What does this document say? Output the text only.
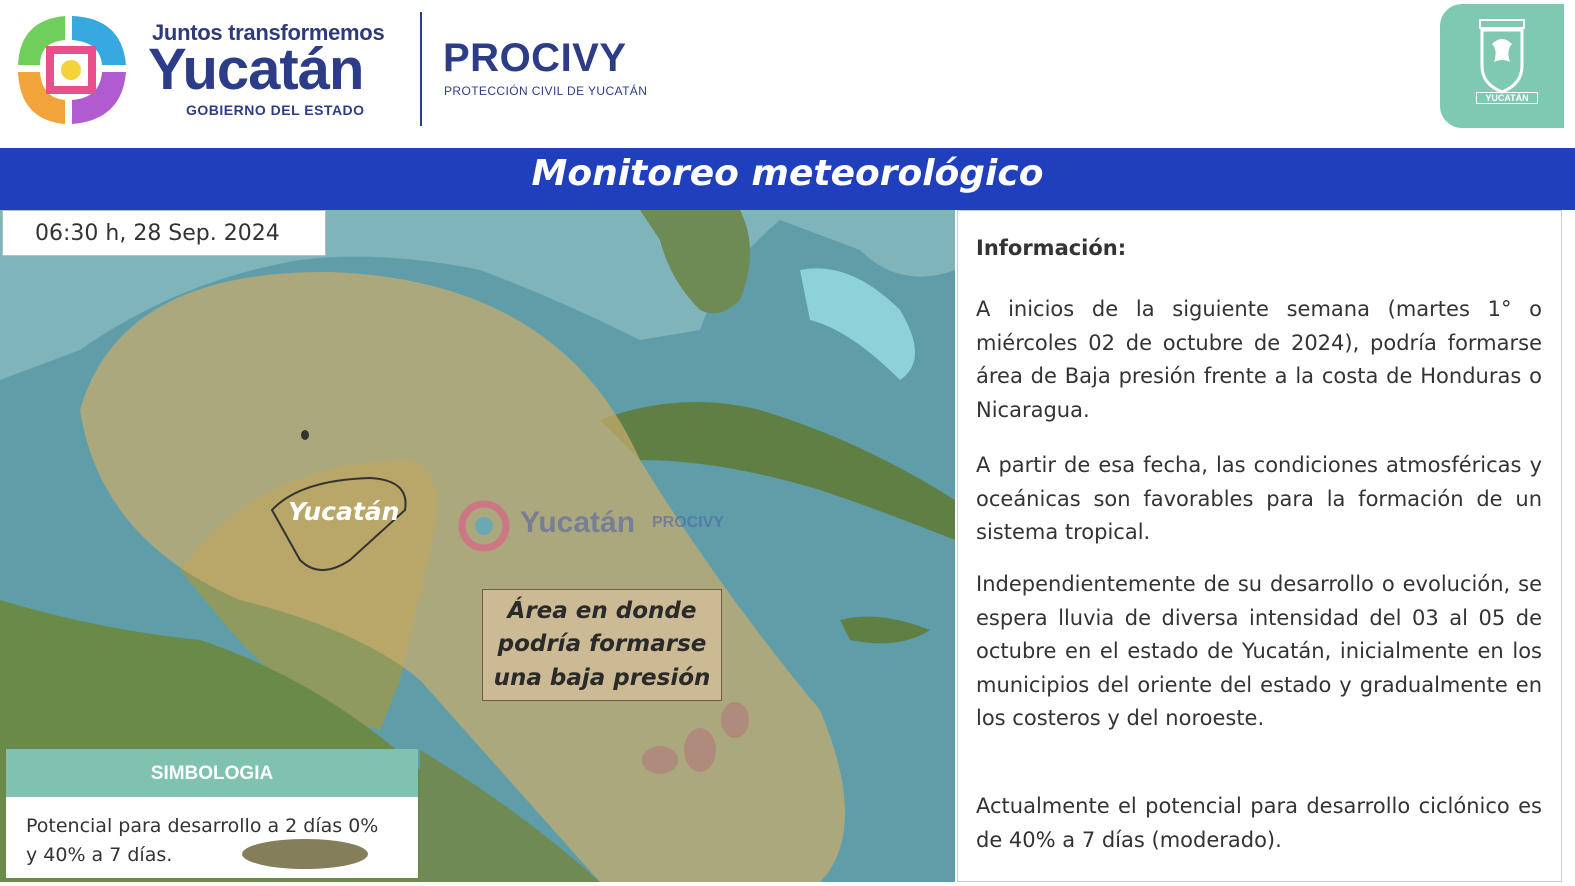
Juntos transformemos
Yucatán
GOBIERNO DEL ESTADO
PROCIVY
PROTECCIÓN CIVIL DE YUCATÁN	YUCATÁN
Monitoreo meteorológico
Yucatán PROCIVY
Yucatán
06:30 h, 28 Sep. 2024
Área en donde
podría formarse
una baja presión
SIMBOLOGIA
Potencial para desarrollo a 2 días 0%
y 40% a 7 días.
Información:
A inicios de la siguiente semana (martes 1° o miércoles 02 de octubre de 2024), podría formarse área de Baja presión frente a la costa de Honduras o Nicaragua.
A partir de esa fecha, las condiciones atmosféricas y oceánicas son favorables para la formación de un sistema tropical.
Independientemente de su desarrollo o evolución, se espera lluvia de diversa intensidad del 03 al 05 de octubre en el estado de Yucatán, inicialmente en los municipios del oriente del estado y gradualmente en los costeros y del noroeste.
Actualmente el potencial para desarrollo ciclónico es de 40% a 7 días (moderado).
